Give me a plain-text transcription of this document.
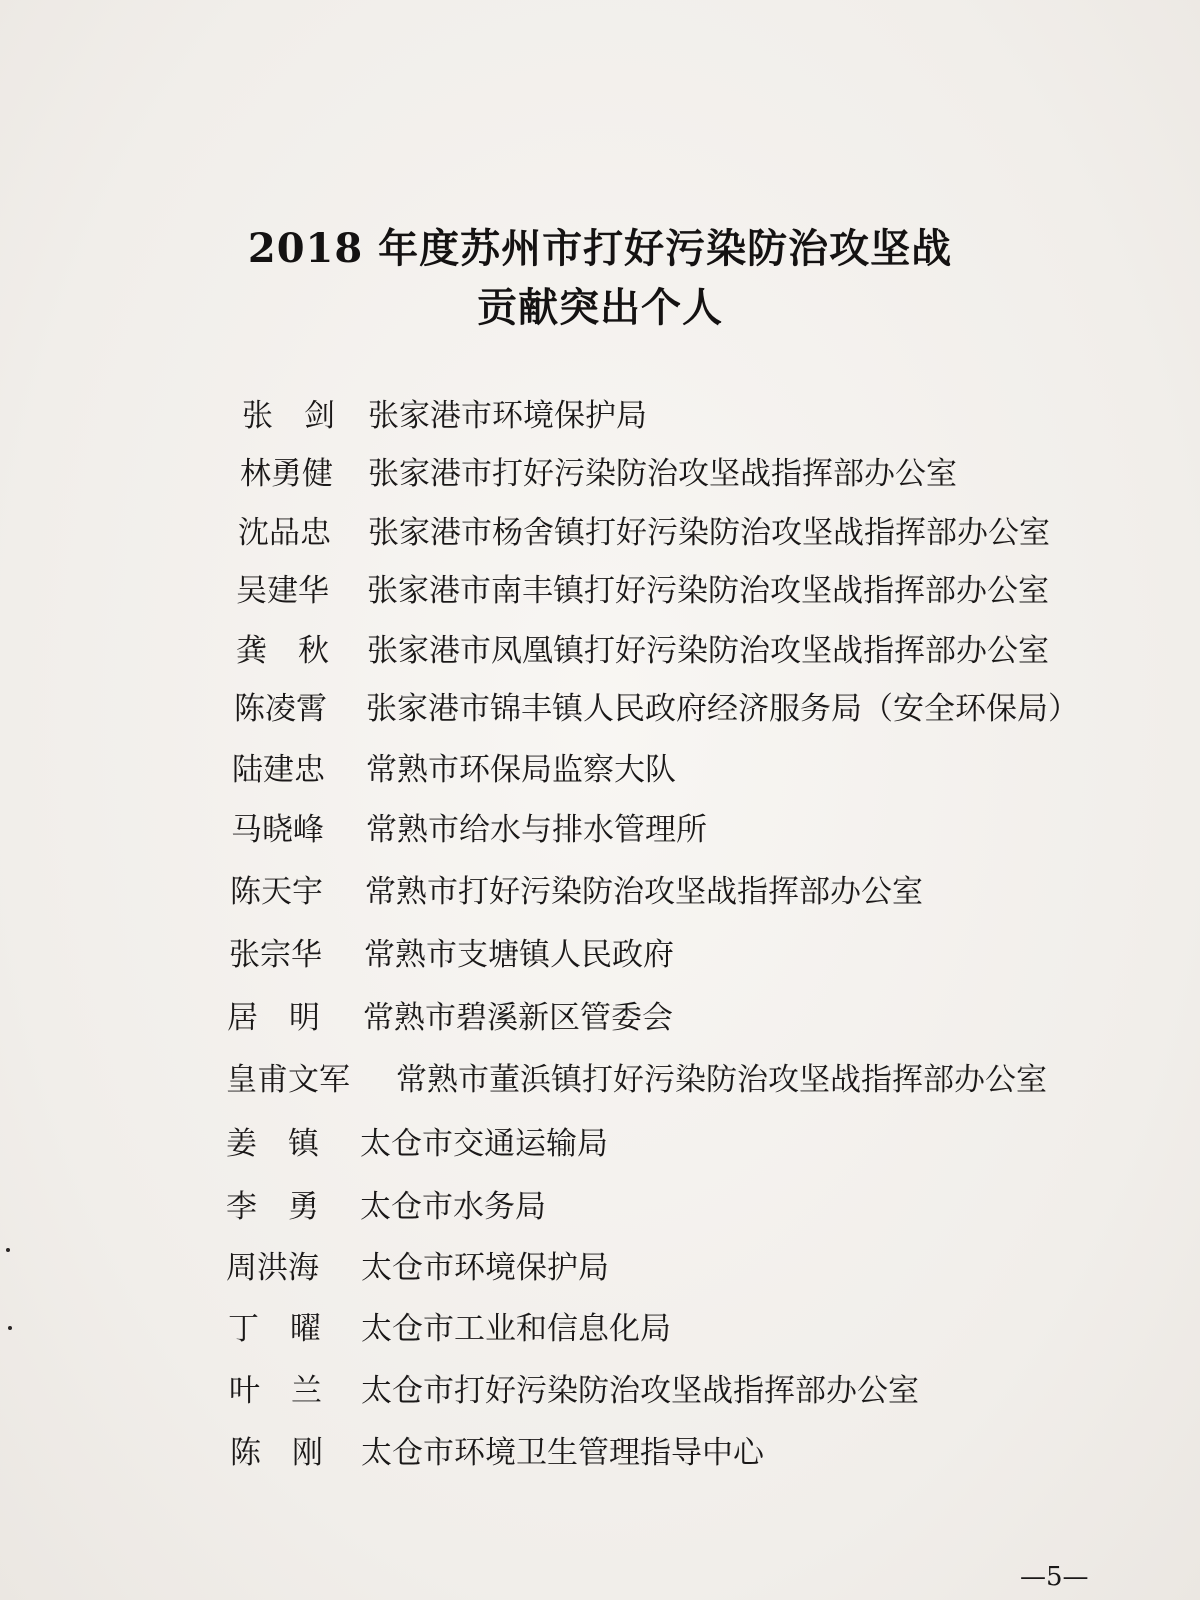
2018 年度苏州市打好污染防治攻坚战
贡献突出个人
张　剑 张家港市环境保护局
林勇健 张家港市打好污染防治攻坚战指挥部办公室
沈品忠 张家港市杨舍镇打好污染防治攻坚战指挥部办公室
吴建华 张家港市南丰镇打好污染防治攻坚战指挥部办公室
龚　秋 张家港市凤凰镇打好污染防治攻坚战指挥部办公室
陈凌霄 张家港市锦丰镇人民政府经济服务局（安全环保局）
陆建忠 常熟市环保局监察大队
马晓峰 常熟市给水与排水管理所
陈天宇 常熟市打好污染防治攻坚战指挥部办公室
张宗华 常熟市支塘镇人民政府
居　明 常熟市碧溪新区管委会
皇甫文军 常熟市董浜镇打好污染防治攻坚战指挥部办公室
姜　镇 太仓市交通运输局
李　勇 太仓市水务局
周洪海 太仓市环境保护局
丁　曜 太仓市工业和信息化局
叶　兰 太仓市打好污染防治攻坚战指挥部办公室
陈　刚 太仓市环境卫生管理指导中心
—5—
